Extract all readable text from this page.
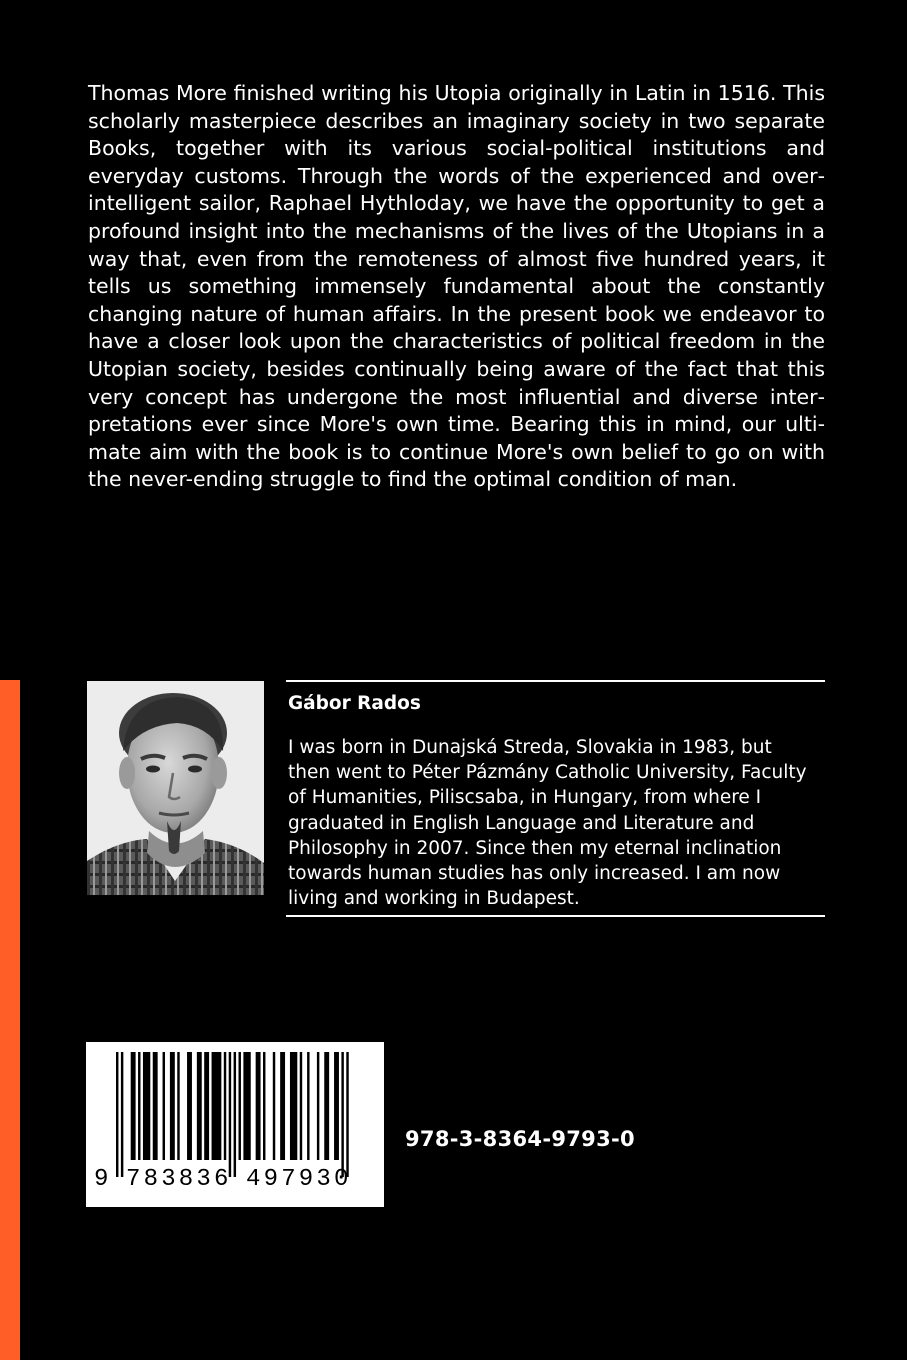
Thomas More finished writing his Utopia originally in Latin in 1516. This scholarly masterpiece describes an imaginary society in two separate Books, together with its various social-political institutions and everyday customs. Through the words of the experienced and overintelligent sailor, Raphael Hythloday, we have the opportunity to get a profound insight into the mechanisms of the lives of the Utopians in a way that, even from the remoteness of almost five hundred years, it tells us something immensely fundamental about the constantly changing nature of human affairs. In the present book we endeavor to have a closer look upon the characteristics of political freedom in the Utopian society, besides continually being aware of the fact that this very concept has undergone the most influential and diverse interpretations ever since More's own time. Bearing this in mind, our ultimate aim with the book is to continue More's own belief to go on with the never-ending struggle to find the optimal condition of man.

Gábor Rados

I was born in Dunajská Streda, Slovakia in 1983, but then went to Péter Pázmány Catholic University, Faculty of Humanities, Piliscsaba, in Hungary, from where I graduated in English Language and Literature and Philosophy in 2007. Since then my eternal inclination towards human studies has only increased. I am now living and working in Budapest.

9 783836 497930

978-3-8364-9793-0
